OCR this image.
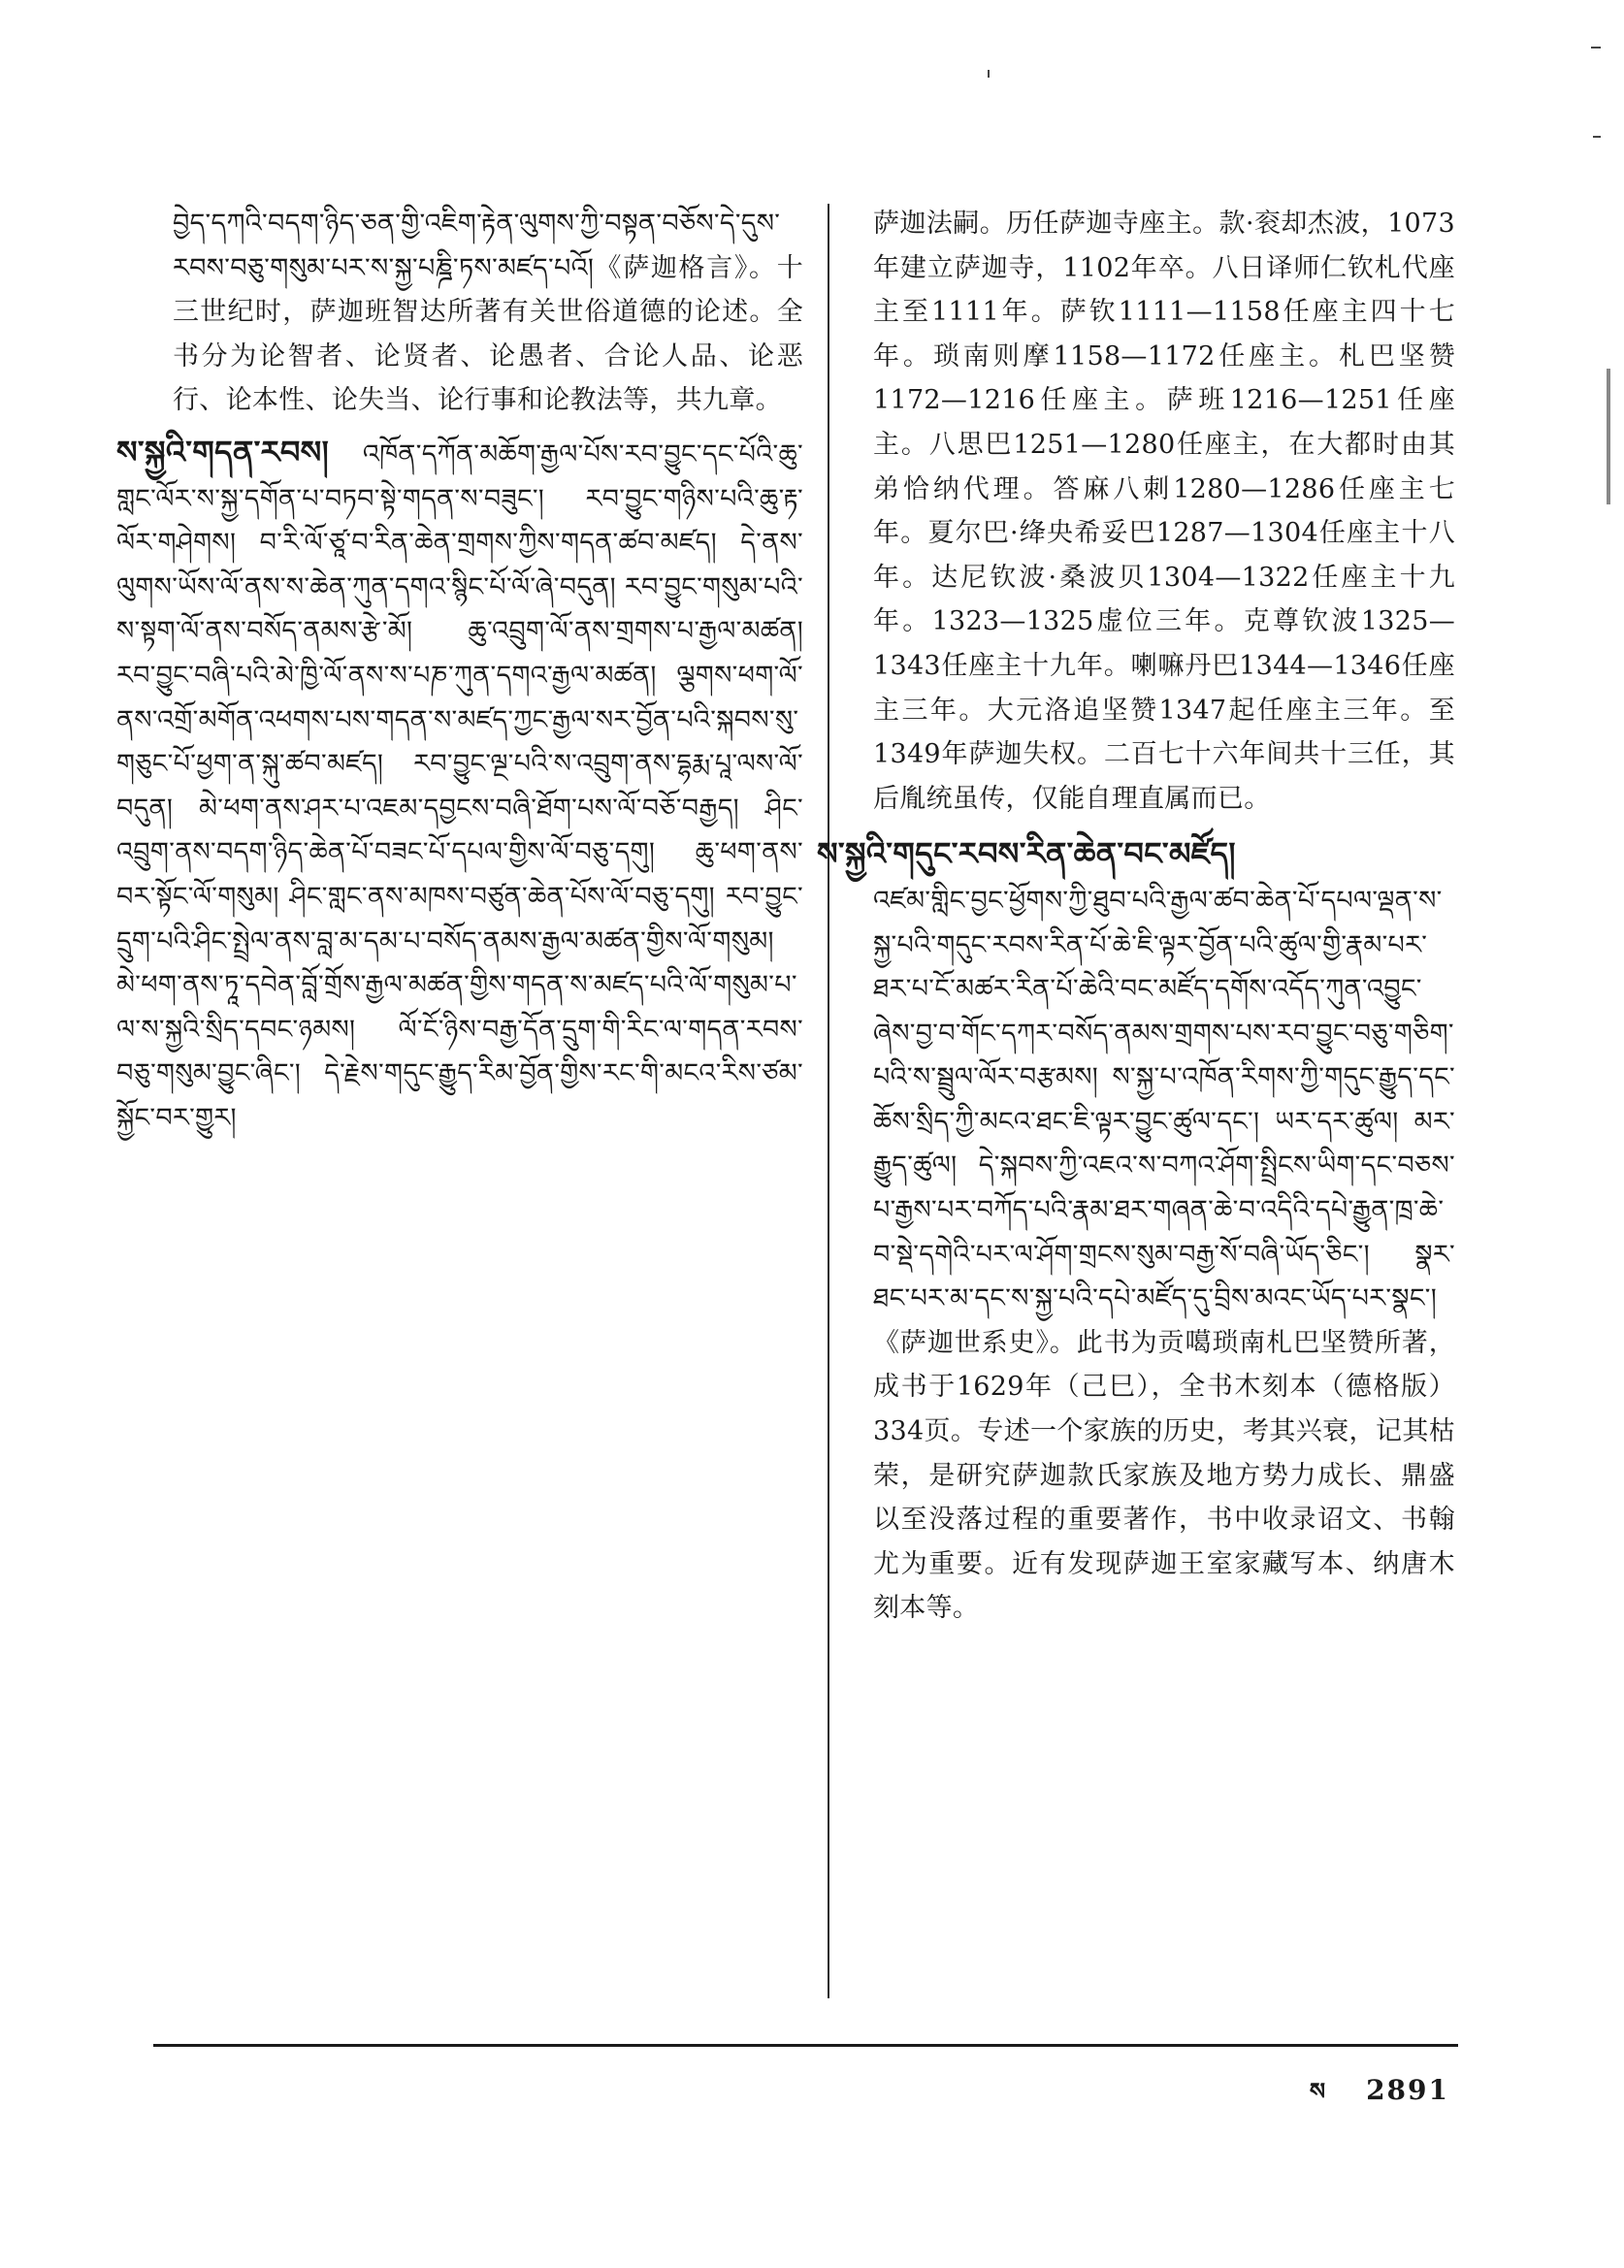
བྱེད་དཀའི་བདག་ཉིད་ཅན་གྱི་འཇིག་རྟེན་ལུགས་ཀྱི་བསྟན་བཅོས་དེ་དུས་རབས་བཅུ་གསུམ་པར་ས་སྐྱ་པཎྜི་ཏས་མཛད་པའོ།《萨迦格言》。十三世纪时，萨迦班智达所著有关世俗道德的论述。全书分为论智者、论贤者、论愚者、合论人品、论恶行、论本性、论失当、论行事和论教法等，共九章。

ས་སྐྱའི་གདན་རབས། འཁོན་དཀོན་མཆོག་རྒྱལ་པོས་རབ་བྱུང་དང་པོའི་ཆུ་གླང་ལོར་ས་སྐྱ་དགོན་པ་བཏབ་སྟེ་གདན་ས་བཟུང་། རབ་བྱུང་གཉིས་པའི་ཆུ་རྟ་ལོར་གཤེགས། བ་རི་ལོ་ཙཱ་བ་རིན་ཆེན་གྲགས་ཀྱིས་གདན་ཚབ་མཛད། དེ་ནས་ལུགས་ཡོས་ལོ་ནས་ས་ཆེན་ཀུན་དགའ་སྙིང་པོ་ལོ་ཞེ་བདུན། རབ་བྱུང་གསུམ་པའི་ས་སྟག་ལོ་ནས་བསོད་ནམས་རྩེ་མོ། ཆུ་འབྲུག་ལོ་ནས་གྲགས་པ་རྒྱལ་མཚན། རབ་བྱུང་བཞི་པའི་མེ་ཁྱི་ལོ་ནས་ས་པཎ་ཀུན་དགའ་རྒྱལ་མཚན། ལྕགས་ཕག་ལོ་ནས་འགྲོ་མགོན་འཕགས་པས་གདན་ས་མཛད་ཀྱང་རྒྱལ་སར་བྱོན་པའི་སྐབས་སུ་གཅུང་པོ་ཕྱག་ན་སྐུ་ཚབ་མཛད། རབ་བྱུང་ལྔ་པའི་ས་འབྲུག་ནས་དྷརྨ་པཱ་ལས་ལོ་བདུན། མེ་ཕག་ནས་ཤར་པ་འཇམ་དབྱངས་བཞི་ཐོག་པས་ལོ་བཅོ་བརྒྱད། ཤིང་འབྲུག་ནས་བདག་ཉིད་ཆེན་པོ་བཟང་པོ་དཔལ་གྱིས་ལོ་བཅུ་དགུ། ཆུ་ཕག་ནས་བར་སྟོང་ལོ་གསུམ། ཤིང་གླང་ནས་མཁས་བཙུན་ཆེན་པོས་ལོ་བཅུ་དགུ། རབ་བྱུང་དྲུག་པའི་ཤིང་སྤྲེལ་ནས་བླ་མ་དམ་པ་བསོད་ནམས་རྒྱལ་མཚན་གྱིས་ལོ་གསུམ། མེ་ཕག་ནས་ཏཱ་དབེན་བློ་གྲོས་རྒྱལ་མཚན་གྱིས་གདན་ས་མཛད་པའི་ལོ་གསུམ་པ་ལ་ས་སྐྱའི་སྲིད་དབང་ཉམས། ལོ་ངོ་ཉིས་བརྒྱ་དོན་དྲུག་གི་རིང་ལ་གདན་རབས་བཅུ་གསུམ་བྱུང་ཞིང་། དེ་རྗེས་གདུང་རྒྱུད་རིམ་བྱོན་གྱིས་རང་གི་མངའ་རིས་ཙམ་སྐྱོང་བར་གྱུར།

萨迦法嗣。历任萨迦寺座主。款·衮却杰波，1073年建立萨迦寺，1102年卒。八日译师仁钦札代座主至1111年。萨钦1111—1158任座主四十七年。琐南则摩1158—1172任座主。札巴坚赞1172—1216任座主。萨班1216—1251任座主。八思巴1251—1280任座主，在大都时由其弟恰纳代理。答麻八刺1280—1286任座主七年。夏尔巴·绛央希妥巴1287—1304任座主十八年。达尼钦波·桑波贝1304—1322任座主十九年。1323—1325虚位三年。克尊钦波1325—1343任座主十九年。喇嘛丹巴1344—1346任座主三年。大元洛追坚赞1347起任座主三年。至1349年萨迦失权。二百七十六年间共十三任，其后胤统虽传，仅能自理直属而已。

ས་སྐྱའི་གདུང་རབས་རིན་ཆེན་བང་མཛོད།

འཛམ་གླིང་བྱང་ཕྱོགས་ཀྱི་ཐུབ་པའི་རྒྱལ་ཚབ་ཆེན་པོ་དཔལ་ལྡན་ས་སྐྱ་པའི་གདུང་རབས་རིན་པོ་ཆེ་ཇི་ལྟར་བྱོན་པའི་ཚུལ་གྱི་རྣམ་པར་ཐར་པ་ངོ་མཚར་རིན་པོ་ཆེའི་བང་མཛོད་དགོས་འདོད་ཀུན་འབྱུང་ཞེས་བྱ་བ་གོང་དཀར་བསོད་ནམས་གྲགས་པས་རབ་བྱུང་བཅུ་གཅིག་པའི་ས་སྦྲུལ་ལོར་བརྩམས། ས་སྐྱ་པ་འཁོན་རིགས་ཀྱི་གདུང་རྒྱུད་དང་ཆོས་སྲིད་ཀྱི་མངའ་ཐང་ཇི་ལྟར་བྱུང་ཚུལ་དང་། ཡར་དར་ཚུལ། མར་རྒྱུད་ཚུལ། དེ་སྐབས་ཀྱི་འཇའ་ས་བཀའ་ཤོག་སྤྲིངས་ཡིག་དང་བཅས་པ་རྒྱས་པར་བཀོད་པའི་རྣམ་ཐར་གཞན་ཆེ་བ་འདིའི་དཔེ་རྒྱུན་ཁྲ་ཆེ་བ་སྡེ་དགེའི་པར་ལ་ཤོག་གྲངས་སུམ་བརྒྱ་སོ་བཞི་ཡོད་ཅིང་། སྣར་ཐང་པར་མ་དང་ས་སྐྱ་པའི་དཔེ་མཛོད་དུ་བྲིས་མའང་ཡོད་པར་སྣང་།

《萨迦世系史》。此书为贡噶琐南札巴坚赞所著，成书于1629年（己巳），全书木刻本（德格版）334页。专述一个家族的历史，考其兴衰，记其枯荣，是研究萨迦款氏家族及地方势力成长、鼎盛以至没落过程的重要著作，书中收录诏文、书翰尤为重要。近有发现萨迦王室家藏写本、纳唐木刻本等。

ས 2891
